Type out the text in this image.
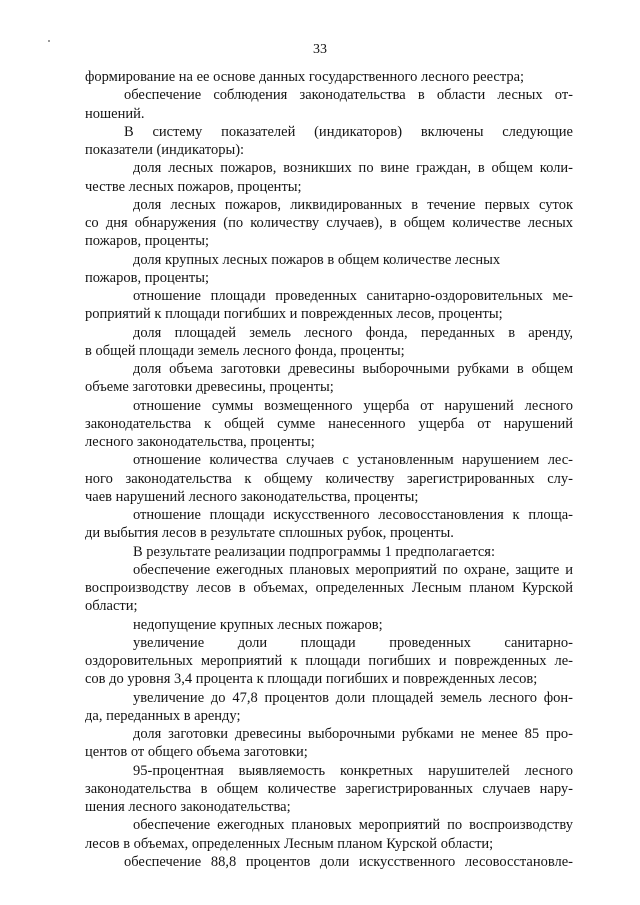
33
формирование на ее основе данных государственного лесного реестра;
обеспечение соблюдения законодательства в области лесных от-
ношений.
В систему показателей (индикаторов) включены следующие
показатели (индикаторы):
доля лесных пожаров, возникших по вине граждан, в общем коли-
честве лесных пожаров, проценты;
доля лесных пожаров, ликвидированных в течение первых суток
со дня обнаружения (по количеству случаев), в общем количестве лесных
пожаров, проценты;
доля крупных лесных пожаров в общем количестве лесных
пожаров, проценты;
отношение площади проведенных санитарно-оздоровительных ме-
роприятий к площади погибших и поврежденных лесов, проценты;
доля площадей земель лесного фонда, переданных в аренду,
в общей площади земель лесного фонда, проценты;
доля объема заготовки древесины выборочными рубками в общем
объеме заготовки древесины, проценты;
отношение суммы возмещенного ущерба от нарушений лесного
законодательства к общей сумме нанесенного ущерба от нарушений
лесного законодательства, проценты;
отношение количества случаев с установленным нарушением лес-
ного законодательства к общему количеству зарегистрированных слу-
чаев нарушений лесного законодательства, проценты;
отношение площади искусственного лесовосстановления к площа-
ди выбытия лесов в результате сплошных рубок, проценты.
В результате реализации подпрограммы 1 предполагается:
обеспечение ежегодных плановых мероприятий по охране, защите и
воспроизводству лесов в объемах, определенных Лесным планом Курской
области;
недопущение крупных лесных пожаров;
увеличение доли площади проведенных санитарно-
оздоровительных мероприятий к площади погибших и поврежденных ле-
сов до уровня 3,4 процента к площади погибших и поврежденных лесов;
увеличение до 47,8 процентов доли площадей земель лесного фон-
да, переданных в аренду;
доля заготовки древесины выборочными рубками не менее 85 про-
центов от общего объема заготовки;
95-процентная выявляемость конкретных нарушителей лесного
законодательства в общем количестве зарегистрированных случаев нару-
шения лесного законодательства;
обеспечение ежегодных плановых мероприятий по воспроизводству
лесов в объемах, определенных Лесным планом Курской области;
обеспечение 88,8 процентов доли искусственного лесовосстановле-
